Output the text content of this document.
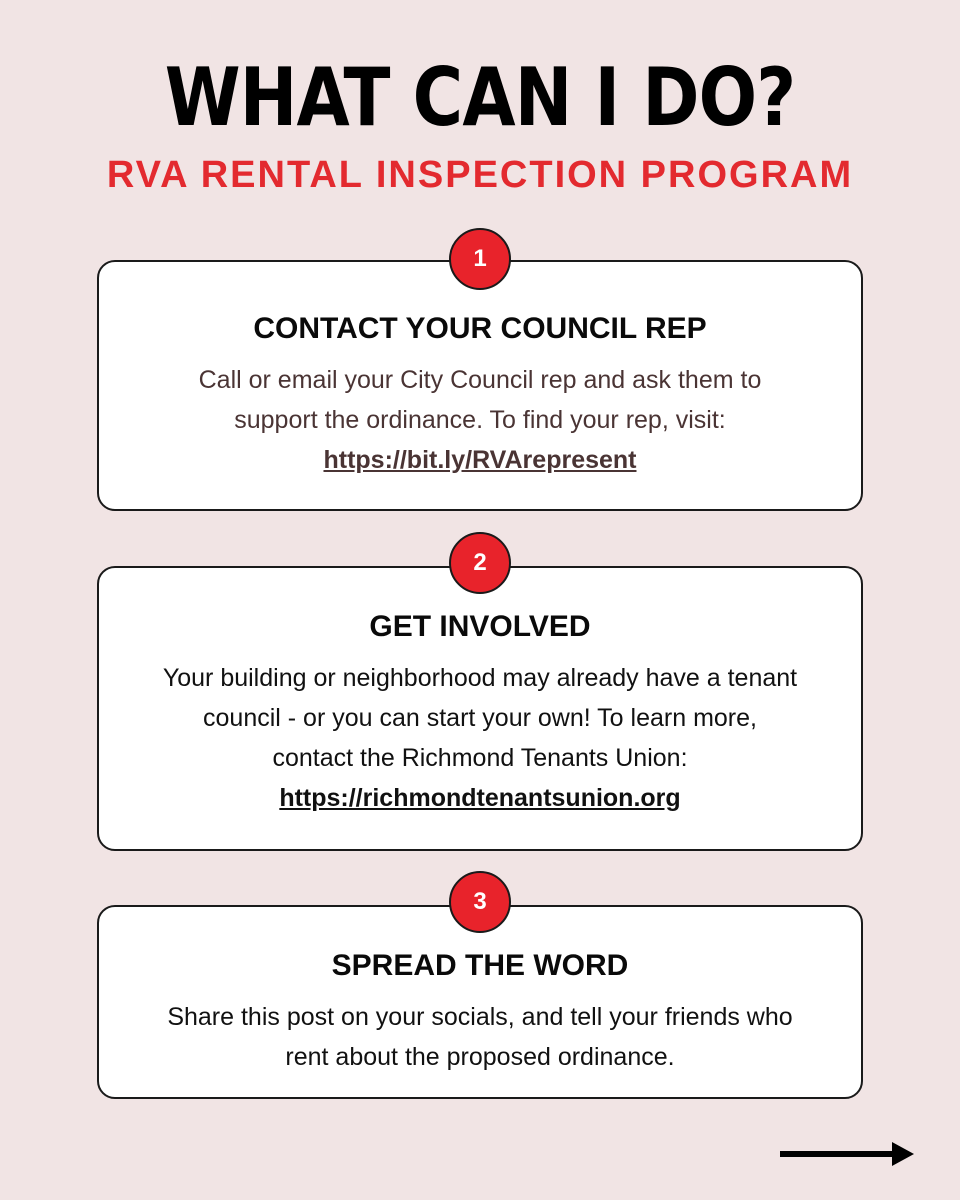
WHAT CAN I DO?
RVA RENTAL INSPECTION PROGRAM
CONTACT YOUR COUNCIL REP
Call or email your City Council rep and ask them to
support the ordinance. To find your rep, visit:
https://bit.ly/RVArepresent
1
GET INVOLVED
Your building or neighborhood may already have a tenant
council - or you can start your own! To learn more,
contact the Richmond Tenants Union:
https://richmondtenantsunion.org
2
SPREAD THE WORD
Share this post on your socials, and tell your friends who
rent about the proposed ordinance.
3
